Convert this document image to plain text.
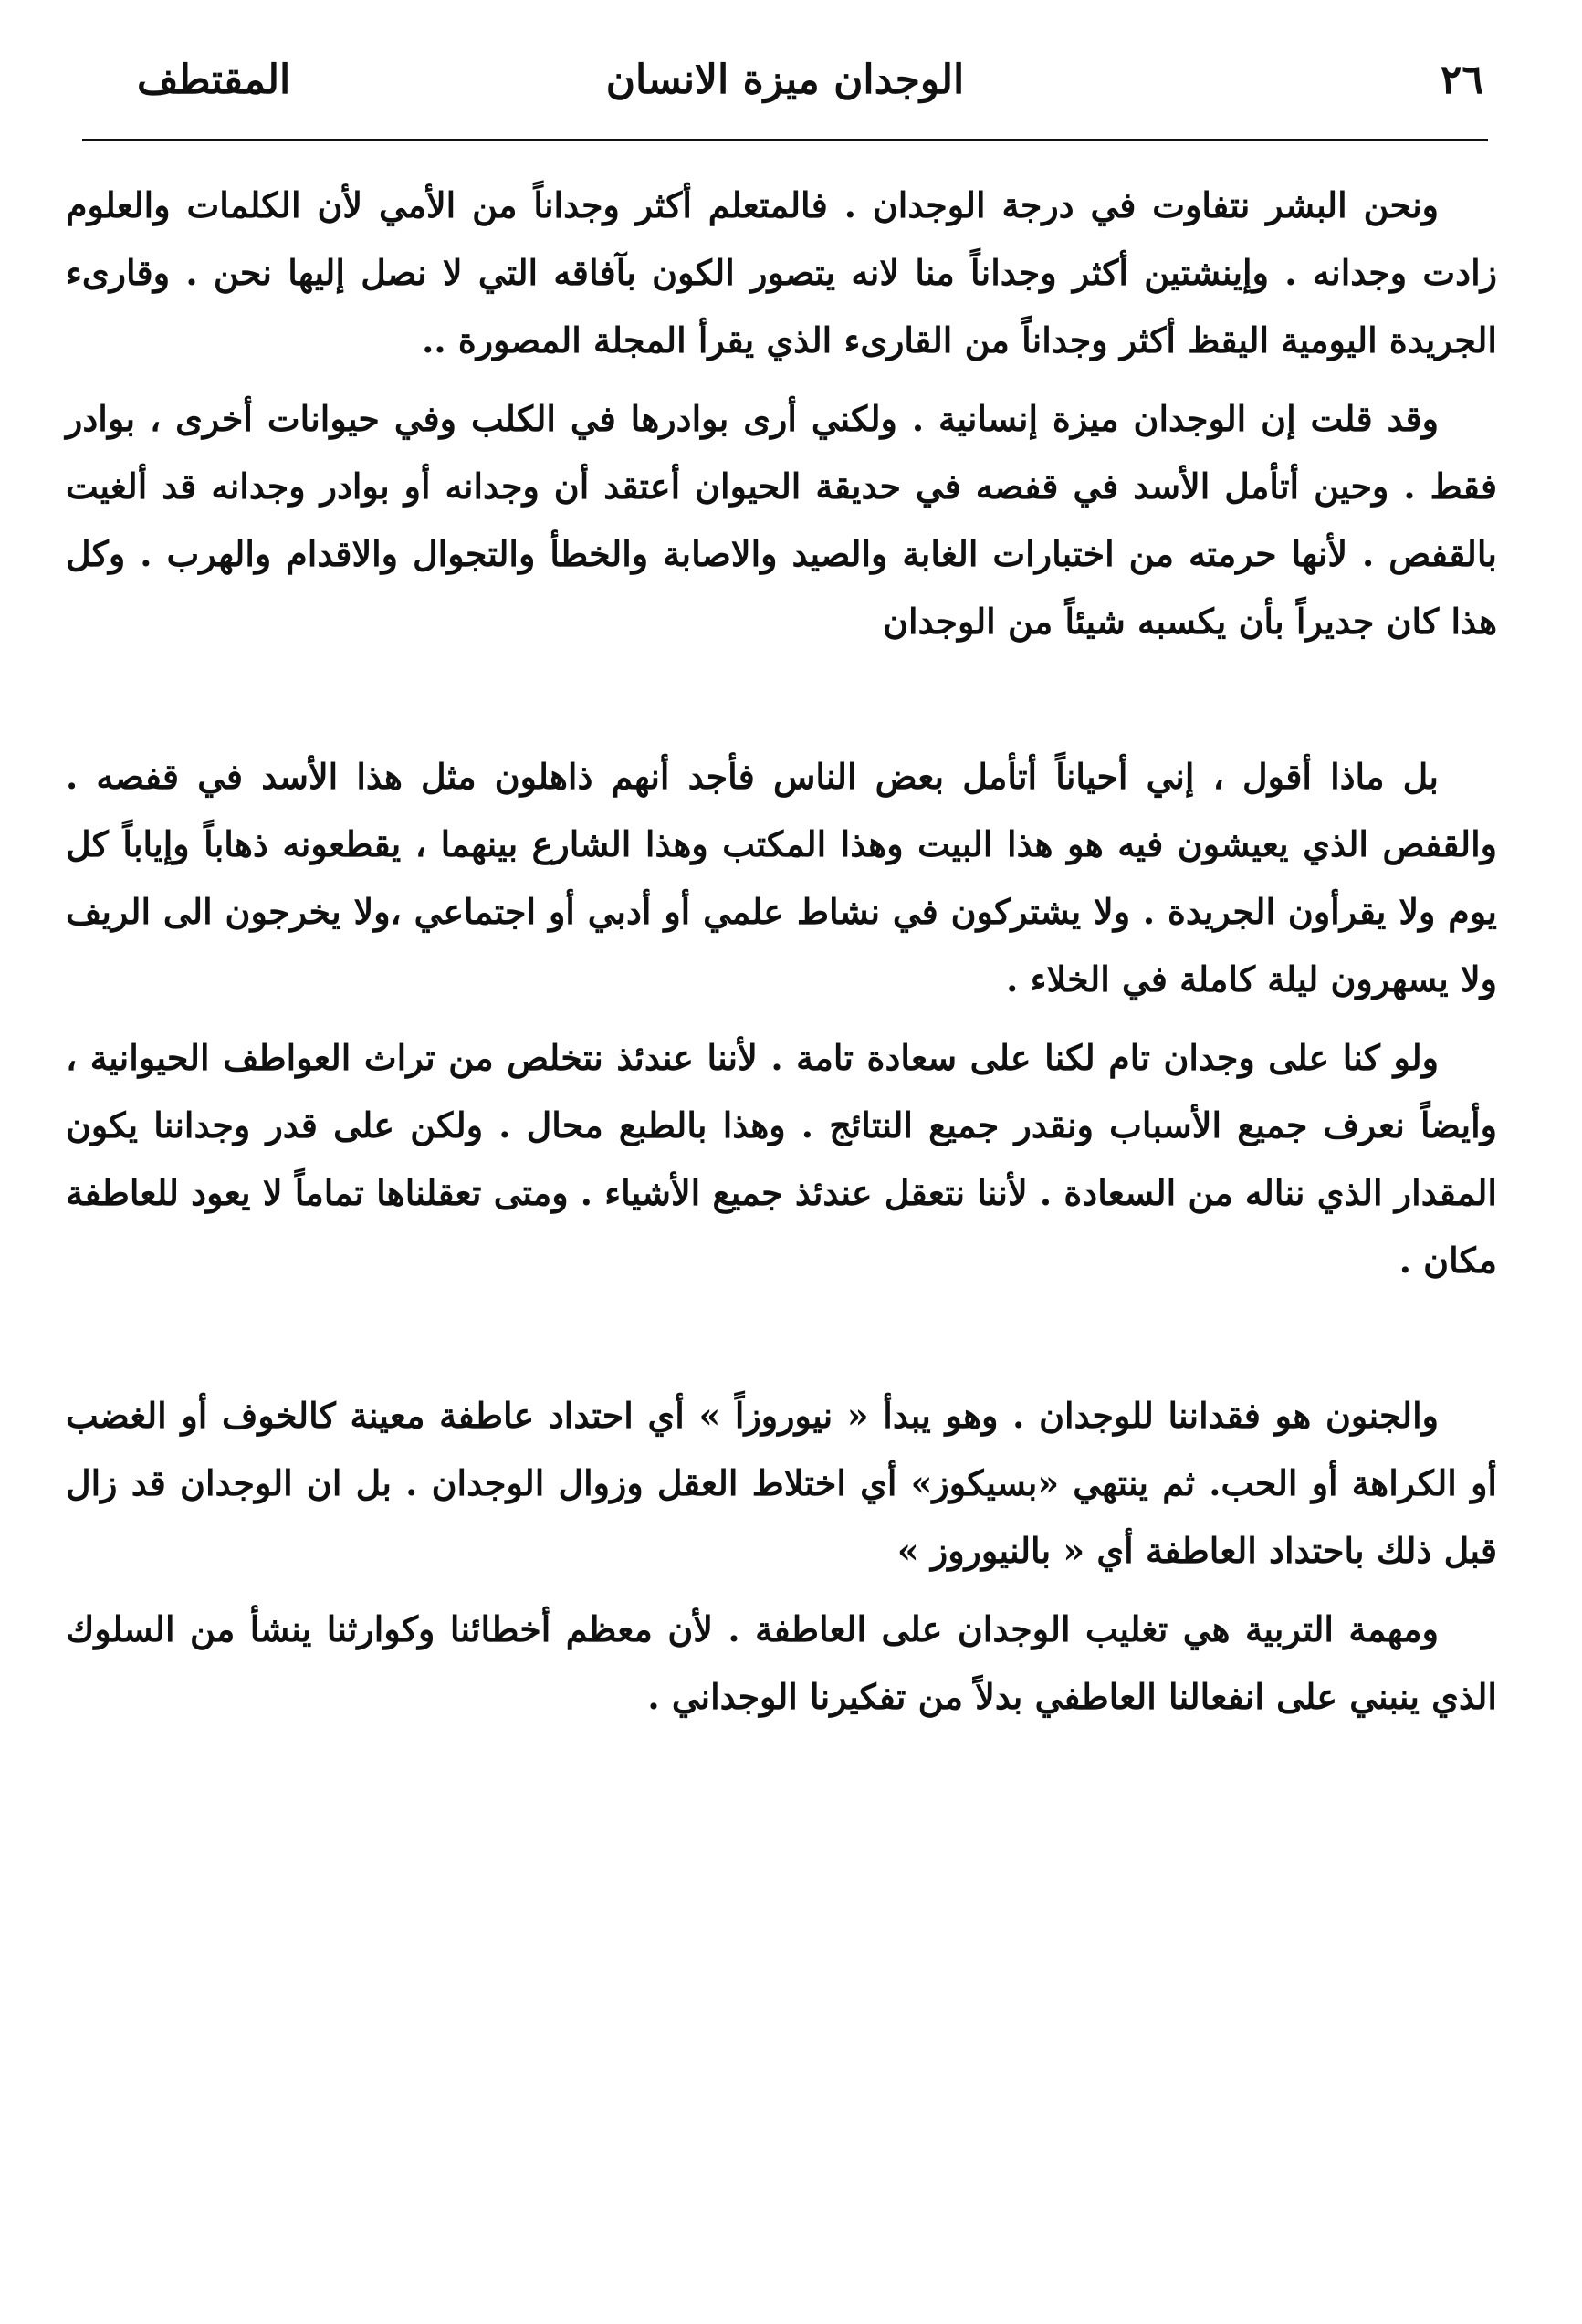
٢٦
الوجدان ميزة الانسان
المقتطف

ونحن البشر نتفاوت في درجة الوجدان . فالمتعلم أكثر وجداناً من الأمي لأن الكلمات والعلوم زادت وجدانه . وإينشتين أكثر وجداناً منا لانه يتصور الكون بآفاقه التي لا نصل إليها نحن . وقارىء الجريدة اليومية اليقظ أكثر وجداناً من القارىء الذي يقرأ المجلة المصورة ..

وقد قلت إن الوجدان ميزة إنسانية . ولكني أرى بوادرها في الكلب وفي حيوانات أخرى ، بوادر فقط . وحين أتأمل الأسد في قفصه في حديقة الحيوان أعتقد أن وجدانه أو بوادر وجدانه قد ألغيت بالقفص . لأنها حرمته من اختبارات الغابة والصيد والاصابة والخطأ والتجوال والاقدام والهرب . وكل هذا كان جديراً بأن يكسبه شيئاً من الوجدان

بل ماذا أقول ، إني أحياناً أتأمل بعض الناس فأجد أنهم ذاهلون مثل هذا الأسد في قفصه . والقفص الذي يعيشون فيه هو هذا البيت وهذا المكتب وهذا الشارع بينهما ، يقطعونه ذهاباً وإياباً كل يوم ولا يقرأون الجريدة . ولا يشتركون في نشاط علمي أو أدبي أو اجتماعي ،ولا يخرجون الى الريف ولا يسهرون ليلة كاملة في الخلاء .

ولو كنا على وجدان تام لكنا على سعادة تامة . لأننا عندئذ نتخلص من تراث العواطف الحيوانية ، وأيضاً نعرف جميع الأسباب ونقدر جميع النتائج . وهذا بالطبع محال . ولكن على قدر وجداننا يكون المقدار الذي نناله من السعادة . لأننا نتعقل عندئذ جميع الأشياء . ومتى تعقلناها تماماً لا يعود للعاطفة مكان .

والجنون هو فقداننا للوجدان . وهو يبدأ « نيوروزاً » أي احتداد عاطفة معينة كالخوف أو الغضب أو الكراهة أو الحب. ثم ينتهي «بسيكوز» أي اختلاط العقل وزوال الوجدان . بل ان الوجدان قد زال قبل ذلك باحتداد العاطفة أي « بالنيوروز »

ومهمة التربية هي تغليب الوجدان على العاطفة . لأن معظم أخطائنا وكوارثنا ينشأ من السلوك الذي ينبني على انفعالنا العاطفي بدلاً من تفكيرنا الوجداني .
